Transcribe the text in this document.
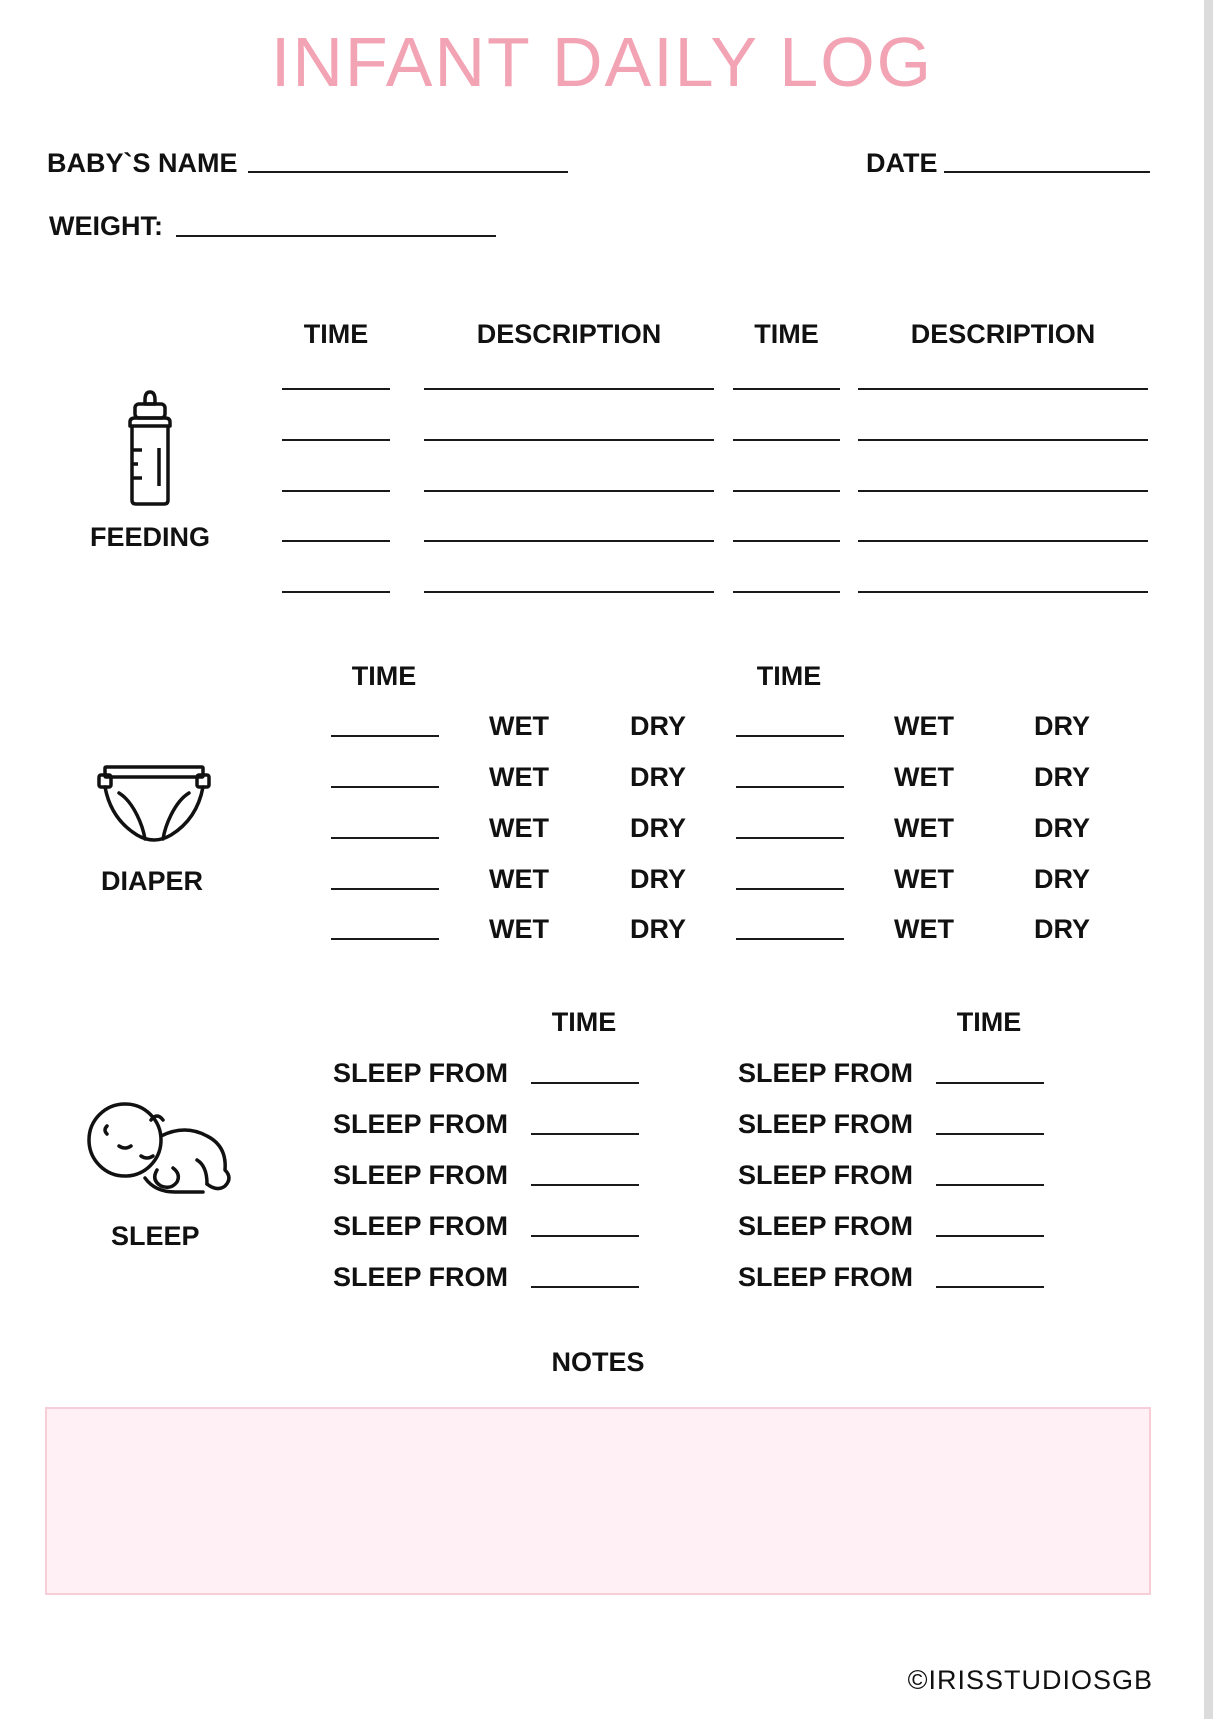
INFANT DAILY LOG
BABY`S NAME	DATE
WEIGHT:
TIME	DESCRIPTION	TIME	DESCRIPTION
FEEDING
TIME	TIME
DIAPER
WET	DRY	WET	DRY
WET	DRY	WET	DRY
WET	DRY	WET	DRY
WET	DRY	WET	DRY
WET	DRY	WET	DRY
TIME	TIME
SLEEP
SLEEP FROM	SLEEP FROM
SLEEP FROM	SLEEP FROM
SLEEP FROM	SLEEP FROM
SLEEP FROM	SLEEP FROM
SLEEP FROM	SLEEP FROM
NOTES
©IRISSTUDIOSGB
